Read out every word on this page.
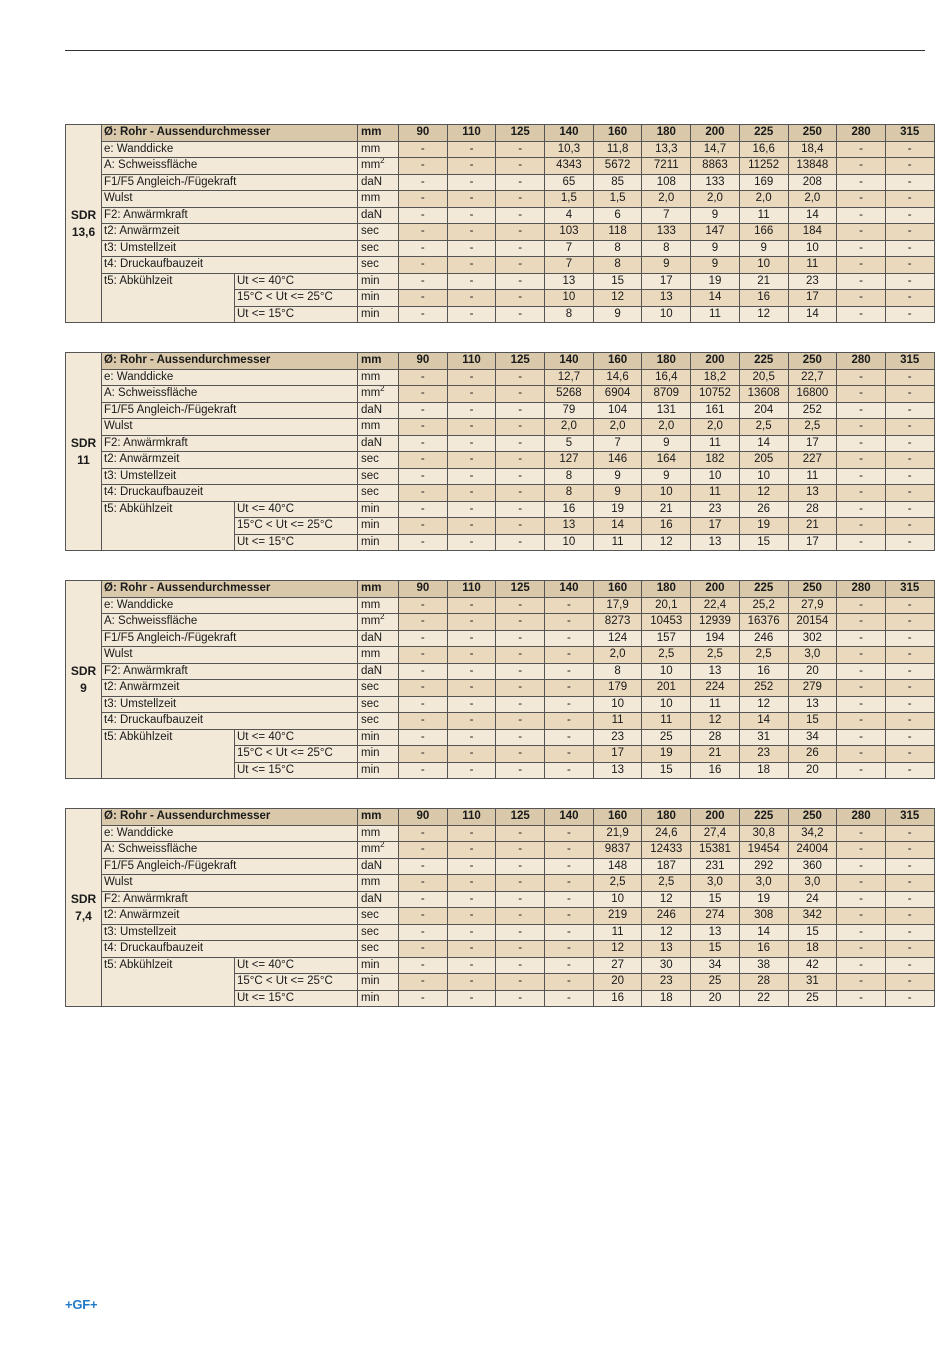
SDR
13,6	Ø: Rohr - Aussendurchmesser		mm	90	110	125	140	160	180	200	225	250	280	315
	e: Wanddicke		mm	-	-	-	10,3	11,8	13,3	14,7	16,6	18,4	-	-
	A: Schweissfläche		$mm^2$	-	-	-	4343	5672	7211	8863	11252	13848	-	-
	F1/F5 Angleich-/Fügekraft		daN	-	-	-	65	85	108	133	169	208	-	-
	Wulst		mm	-	-	-	1,5	1,5	2,0	2,0	2,0	2,0	-	-
	F2: Anwärmkraft		daN	-	-	-	4	6	7	9	11	14	-	-
	t2: Anwärmzeit		sec	-	-	-	103	118	133	147	166	184	-	-
	t3: Umstellzeit		sec	-	-	-	7	8	8	9	9	10	-	-
	t4: Druckaufbauzeit		sec	-	-	-	7	8	9	9	10	11	-	-
	t5: Abkühlzeit	Ut <= 40°C	min	-	-	-	13	15	17	19	21	23	-	-
		15°C < Ut <= 25°C	min	-	-	-	10	12	13	14	16	17	-	-
		Ut <= 15°C	min	-	-	-	8	9	10	11	12	14	-	-
SDR
11	Ø: Rohr - Aussendurchmesser		mm	90	110	125	140	160	180	200	225	250	280	315
	e: Wanddicke		mm	-	-	-	12,7	14,6	16,4	18,2	20,5	22,7	-	-
	A: Schweissfläche		$mm^2$	-	-	-	5268	6904	8709	10752	13608	16800	-	-
	F1/F5 Angleich-/Fügekraft		daN	-	-	-	79	104	131	161	204	252	-	-
	Wulst		mm	-	-	-	2,0	2,0	2,0	2,0	2,5	2,5	-	-
	F2: Anwärmkraft		daN	-	-	-	5	7	9	11	14	17	-	-
	t2: Anwärmzeit		sec	-	-	-	127	146	164	182	205	227	-	-
	t3: Umstellzeit		sec	-	-	-	8	9	9	10	10	11	-	-
	t4: Druckaufbauzeit		sec	-	-	-	8	9	10	11	12	13	-	-
	t5: Abkühlzeit	Ut <= 40°C	min	-	-	-	16	19	21	23	26	28	-	-
		15°C < Ut <= 25°C	min	-	-	-	13	14	16	17	19	21	-	-
		Ut <= 15°C	min	-	-	-	10	11	12	13	15	17	-	-
SDR
9	Ø: Rohr - Aussendurchmesser		mm	90	110	125	140	160	180	200	225	250	280	315
	e: Wanddicke		mm	-	-	-	-	17,9	20,1	22,4	25,2	27,9	-	-
	A: Schweissfläche		$mm^2$	-	-	-	-	8273	10453	12939	16376	20154	-	-
	F1/F5 Angleich-/Fügekraft		daN	-	-	-	-	124	157	194	246	302	-	-
	Wulst		mm	-	-	-	-	2,0	2,5	2,5	2,5	3,0	-	-
	F2: Anwärmkraft		daN	-	-	-	-	8	10	13	16	20	-	-
	t2: Anwärmzeit		sec	-	-	-	-	179	201	224	252	279	-	-
	t3: Umstellzeit		sec	-	-	-	-	10	10	11	12	13	-	-
	t4: Druckaufbauzeit		sec	-	-	-	-	11	11	12	14	15	-	-
	t5: Abkühlzeit	Ut <= 40°C	min	-	-	-	-	23	25	28	31	34	-	-
		15°C < Ut <= 25°C	min	-	-	-	-	17	19	21	23	26	-	-
		Ut <= 15°C	min	-	-	-	-	13	15	16	18	20	-	-
SDR
7,4	Ø: Rohr - Aussendurchmesser		mm	90	110	125	140	160	180	200	225	250	280	315
	e: Wanddicke		mm	-	-	-	-	21,9	24,6	27,4	30,8	34,2	-	-
	A: Schweissfläche		$mm^2$	-	-	-	-	9837	12433	15381	19454	24004	-	-
	F1/F5 Angleich-/Fügekraft		daN	-	-	-	-	148	187	231	292	360	-	-
	Wulst		mm	-	-	-	-	2,5	2,5	3,0	3,0	3,0	-	-
	F2: Anwärmkraft		daN	-	-	-	-	10	12	15	19	24	-	-
	t2: Anwärmzeit		sec	-	-	-	-	219	246	274	308	342	-	-
	t3: Umstellzeit		sec	-	-	-	-	11	12	13	14	15	-	-
	t4: Druckaufbauzeit		sec	-	-	-	-	12	13	15	16	18	-	-
	t5: Abkühlzeit	Ut <= 40°C	min	-	-	-	-	27	30	34	38	42	-	-
		15°C < Ut <= 25°C	min	-	-	-	-	20	23	25	28	31	-	-
		Ut <= 15°C	min	-	-	-	-	16	18	20	22	25	-	-
+GF+
